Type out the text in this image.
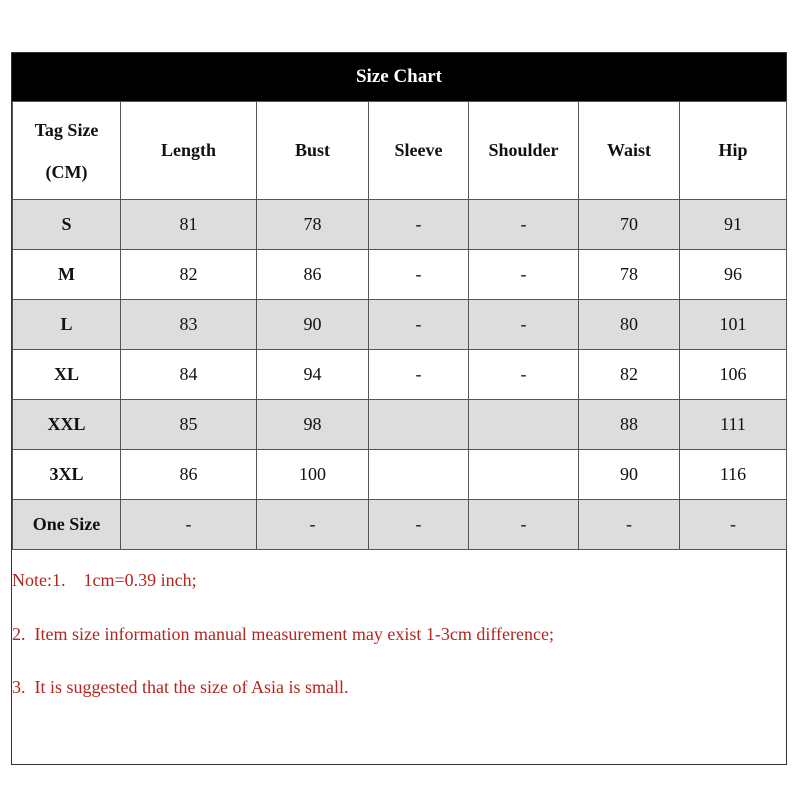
Size Chart
Tag Size
(CM)	Length	Bust	Sleeve	Shoulder	Waist	Hip
S	81	78	-	-	70	91
M	82	86	-	-	78	96
L	83	90	-	-	80	101
XL	84	94	-	-	82	106
XXL	85	98			88	111
3XL	86	100			90	116
One Size	-	-	-	-	-	-
Note:1.    1cm=0.39 inch;
2.  Item size information manual measurement may exist 1-3cm difference;
3.  It is suggested that the size of Asia is small.
